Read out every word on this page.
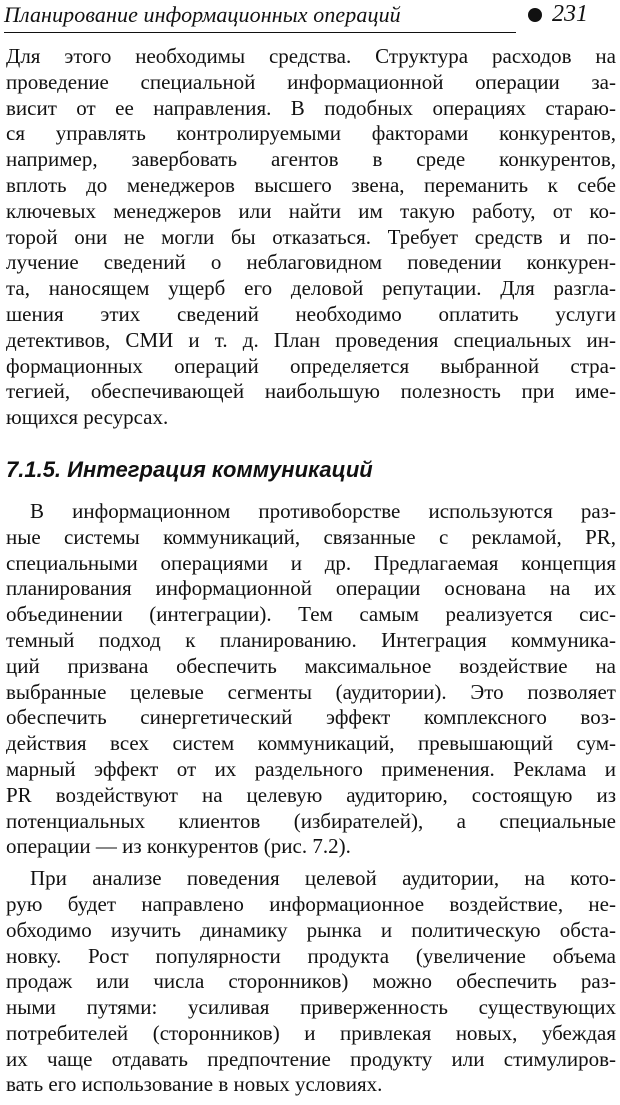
Планирование информационных операций	231

Для этого необходимы средства. Структура расходов на
проведение специальной информационной операции за-
висит от ее направления. В подобных операциях стараю-
ся управлять контролируемыми факторами конкурентов,
например, завербовать агентов в среде конкурентов,
вплоть до менеджеров высшего звена, переманить к себе
ключевых менеджеров или найти им такую работу, от ко-
торой они не могли бы отказаться. Требует средств и по-
лучение сведений о неблаговидном поведении конкурен-
та, наносящем ущерб его деловой репутации. Для разгла-
шения этих сведений необходимо оплатить услуги
детективов, СМИ и т. д. План проведения специальных ин-
формационных операций определяется выбранной стра-
тегией, обеспечивающей наибольшую полезность при име-
ющихся ресурсах.

7.1.5. Интеграция коммуникаций

В информационном противоборстве используются раз-
ные системы коммуникаций, связанные с рекламой, PR,
специальными операциями и др. Предлагаемая концепция
планирования информационной операции основана на их
объединении (интеграции). Тем самым реализуется сис-
темный подход к планированию. Интеграция коммуника-
ций призвана обеспечить максимальное воздействие на
выбранные целевые сегменты (аудитории). Это позволяет
обеспечить синергетический эффект комплексного воз-
действия всех систем коммуникаций, превышающий сум-
марный эффект от их раздельного применения. Реклама и
PR воздействуют на целевую аудиторию, состоящую из
потенциальных клиентов (избирателей), а специальные
операции — из конкурентов (рис. 7.2).

При анализе поведения целевой аудитории, на кото-
рую будет направлено информационное воздействие, не-
обходимо изучить динамику рынка и политическую обста-
новку. Рост популярности продукта (увеличение объема
продаж или числа сторонников) можно обеспечить раз-
ными путями: усиливая приверженность существующих
потребителей (сторонников) и привлекая новых, убеждая
их чаще отдавать предпочтение продукту или стимулиров-
вать его использование в новых условиях.
